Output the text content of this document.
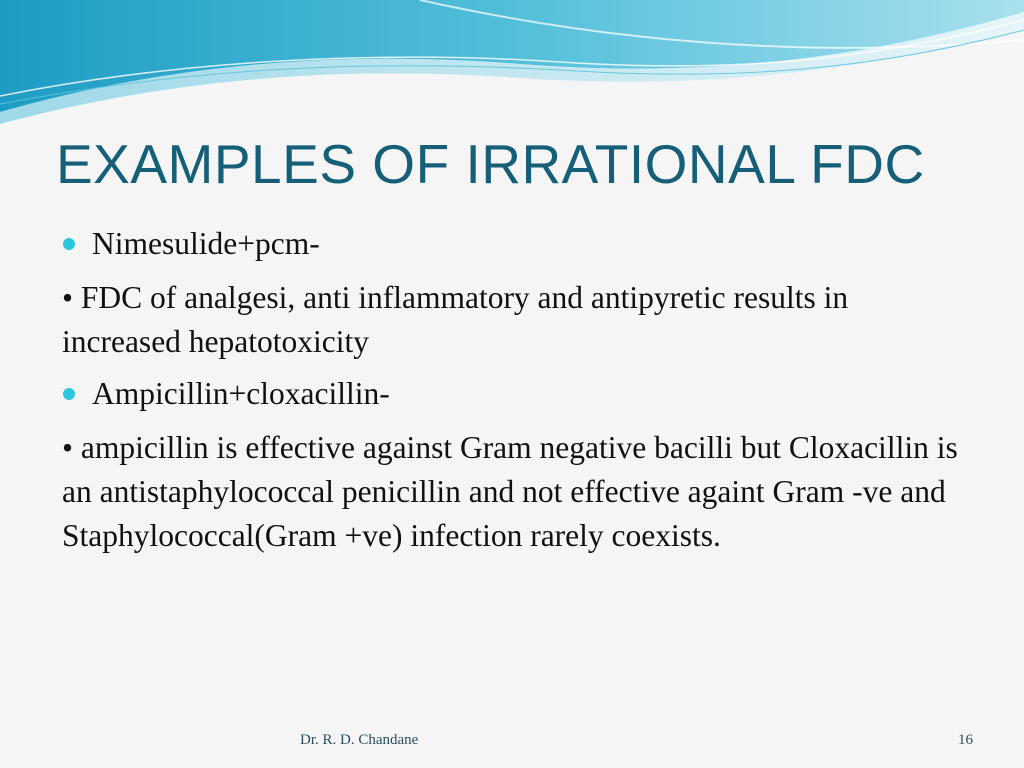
EXAMPLES OF IRRATIONAL FDC
Nimesulide+pcm-
• FDC of analgesi, anti inflammatory and antipyretic results in increased hepatotoxicity
Ampicillin+cloxacillin-
• ampicillin is effective against Gram negative bacilli but Cloxacillin is an antistaphylococcal penicillin and not effective againt Gram -ve and Staphylococcal(Gram +ve) infection rarely coexists.
Dr. R. D. Chandane	16
